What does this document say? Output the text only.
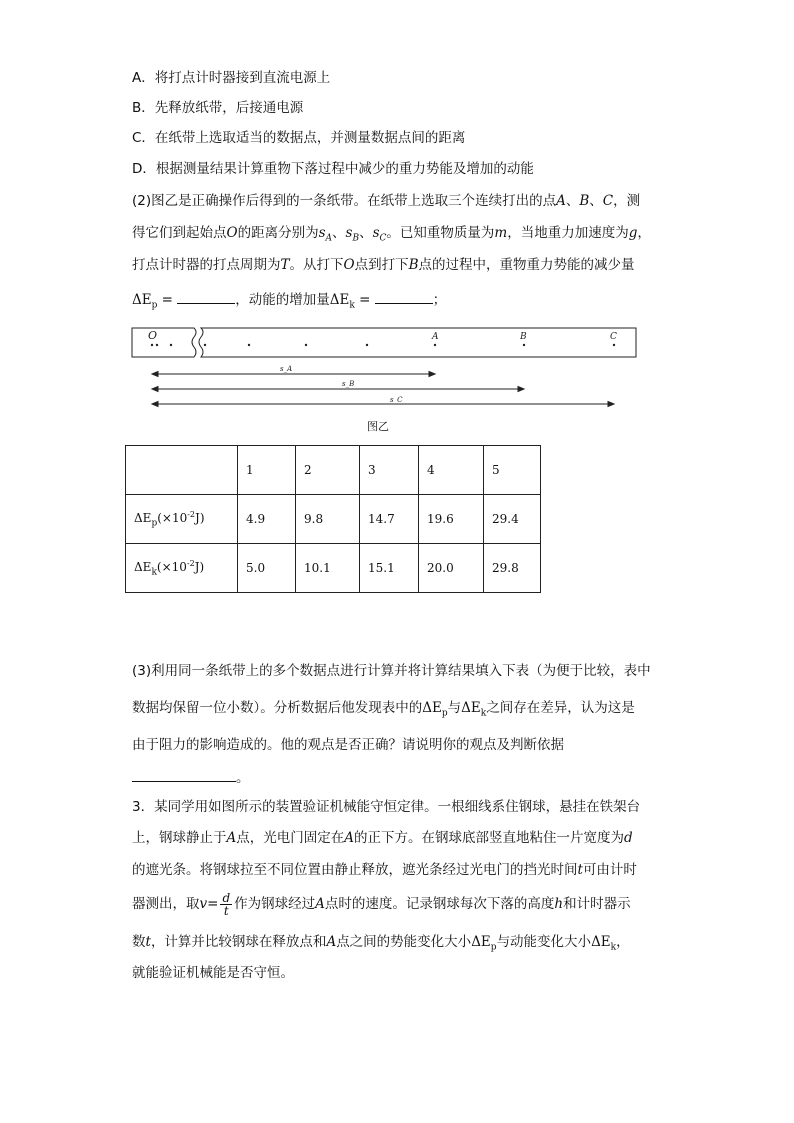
A．将打点计时器接到直流电源上
B．先释放纸带，后接通电源
C．在纸带上选取适当的数据点，并测量数据点间的距离
D．根据测量结果计算重物下落过程中减少的重力势能及增加的动能
(2)图乙是正确操作后得到的一条纸带。在纸带上选取三个连续打出的点A、B、C，测
得它们到起始点O的距离分别为$s_A$、$s_B$、$s_C$。已知重物质量为m，当地重力加速度为g，
打点计时器的打点周期为T。从打下O点到打下B点的过程中，重物重力势能的减少量
$\Delta E_p$ =	，动能的增加量$\Delta E_k$ =	；
O	A	B	C
s_A
s_B
s_C
图乙
	1	2	3	4	5
$\Delta E_p(\times 10^{-2}J)$	4.9	9.8	14.7	19.6	29.4
$\Delta E_k(\times 10^{-2}J)$	5.0	10.1	15.1	20.0	29.8
(3)利用同一条纸带上的多个数据点进行计算并将计算结果填入下表（为便于比较，表中
数据均保留一位小数）。分析数据后他发现表中的$\Delta E_p$与$\Delta E_k$之间存在差异，认为这是
由于阻力的影响造成的。他的观点是否正确？请说明你的观点及判断依据
。
3．某同学用如图所示的装置验证机械能守恒定律。一根细线系住钢球，悬挂在铁架台
上，钢球静止于A点，光电门固定在A的正下方。在钢球底部竖直地粘住一片宽度为d
的遮光条。将钢球拉至不同位置由静止释放，遮光条经过光电门的挡光时间t可由计时
器测出，取$v= \frac{d}{t}$ 作为钢球经过A点时的速度。记录钢球每次下落的高度h和计时器示
数t，计算并比较钢球在释放点和A点之间的势能变化大小$\Delta E_p$与动能变化大小$\Delta E_k$，
就能验证机械能是否守恒。
